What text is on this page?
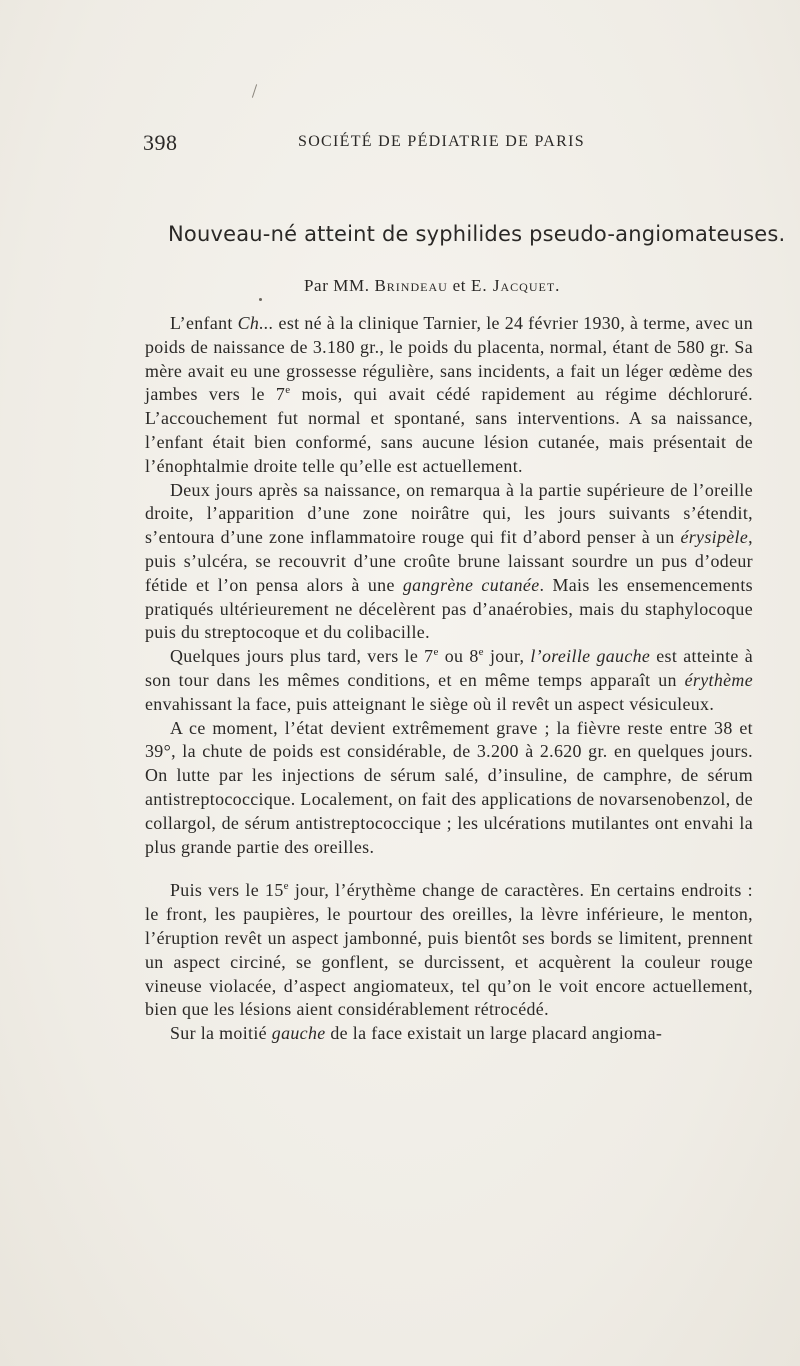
398	SOCIÉTÉ DE PÉDIATRIE DE PARIS
Nouveau-né atteint de syphilides pseudo-angiomateuses.
Par MM. Brindeau et E. Jacquet.

L’enfant Ch... est né à la clinique Tarnier, le 24 février 1930, à terme, avec un poids de naissance de 3.180 gr., le poids du placenta, normal, étant de 580 gr. Sa mère avait eu une grossesse régulière, sans incidents, a fait un léger œdème des jambes vers le 7e mois, qui avait cédé rapidement au régime déchloruré. L’accouchement fut normal et spontané, sans interventions. A sa naissance, l’enfant était bien conformé, sans aucune lésion cutanée, mais présentait de l’énophtalmie droite telle qu’elle est actuellement.

Deux jours après sa naissance, on remarqua à la partie supérieure de l’oreille droite, l’apparition d’une zone noirâtre qui, les jours suivants s’étendit, s’entoura d’une zone inflammatoire rouge qui fit d’abord penser à un érysipèle, puis s’ulcéra, se recouvrit d’une croûte brune laissant sourdre un pus d’odeur fétide et l’on pensa alors à une gangrène cutanée. Mais les ensemencements pratiqués ultérieurement ne décelèrent pas d’anaérobies, mais du staphylocoque puis du streptocoque et du colibacille.

Quelques jours plus tard, vers le 7e ou 8e jour, l’oreille gauche est atteinte à son tour dans les mêmes conditions, et en même temps apparaît un érythème envahissant la face, puis atteignant le siège où il revêt un aspect vésiculeux.

A ce moment, l’état devient extrêmement grave ; la fièvre reste entre 38 et 39°, la chute de poids est considérable, de 3.200 à 2.620 gr. en quelques jours. On lutte par les injections de sérum salé, d’insuline, de camphre, de sérum antistreptococcique. Localement, on fait des applications de novarsenobenzol, de collargol, de sérum antistreptococcique ; les ulcérations mutilantes ont envahi la plus grande partie des oreilles.

Puis vers le 15e jour, l’érythème change de caractères. En certains endroits : le front, les paupières, le pourtour des oreilles, la lèvre inférieure, le menton, l’éruption revêt un aspect jambonné, puis bientôt ses bords se limitent, prennent un aspect circiné, se gonflent, se durcissent, et acquèrent la couleur rouge vineuse violacée, d’aspect angiomateux, tel qu’on le voit encore actuellement, bien que les lésions aient considérablement rétrocédé.

Sur la moitié gauche de la face existait un large placard angioma-
